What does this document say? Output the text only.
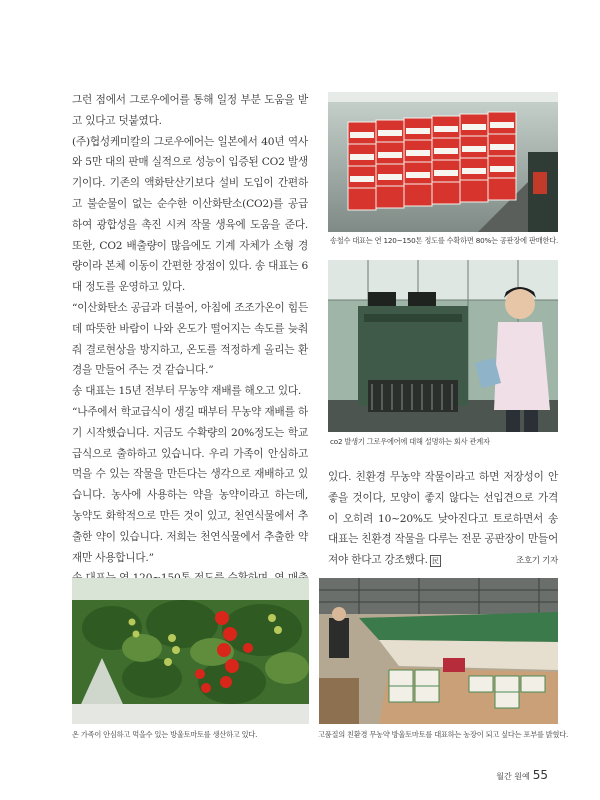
그런 점에서 그로우에어를 통해 일정 부분 도움을 받고 있다고 덧붙였다.

(주)협성케미칼의 그로우에어는 일본에서 40년 역사와 5만 대의 판매 실적으로 성능이 입증된 CO2 발생기이다. 기존의 액화탄산기보다 설비 도입이 간편하고 불순물이 없는 순수한 이산화탄소(CO2)를 공급하여 광합성을 촉진 시켜 작물 생육에 도움을 준다. 또한, CO2 배출량이 많음에도 기계 자체가 소형 경량이라 본체 이동이 간편한 장점이 있다. 송 대표는 6대 정도를 운영하고 있다.

“이산화탄소 공급과 더불어, 아침에 조조가온이 힘든데 따뜻한 바람이 나와 온도가 떨어지는 속도를 늦춰줘 결로현상을 방지하고, 온도를 적정하게 올리는 환경을 만들어 주는 것 같습니다.”

송 대표는 15년 전부터 무농약 재배를 해오고 있다.

“나주에서 학교급식이 생길 때부터 무농약 재배를 하기 시작했습니다. 지금도 수확량의 20%정도는 학교급식으로 출하하고 있습니다. 우리 가족이 안심하고 먹을 수 있는 작물을 만든다는 생각으로 재배하고 있습니다. 농사에 사용하는 약을 농약이라고 하는데, 농약도 화학적으로 만든 것이 있고, 천연식물에서 추출한 약이 있습니다. 저희는 천연식물에서 추출한 약재만 사용합니다.”

있다. 친환경 무농약 작물이라고 하면 저장성이 안 좋을 것이다, 모양이 좋지 않다는 선입견으로 가격이 오히려 10~20%도 낮아진다고 토로하면서 송 대표는 친환경 작물을 다루는 전문 공판장이 만들어져야 한다고 강조했다. 民	조호기 기자

송철수 대표는 연 120~150톤 정도를 수확하면 80%는 공판장에 판매한다.
co2 발생기 그로우에어에 대해 설명하는 회사 관계자
온 가족이 안심하고 먹을수 있는 방울토마토를 생산하고 있다.	고품질의 친환경 무농약 방울토마토를 대표하는 농장이 되고 싶다는 포부를 밝혔다.
월간 원예 55
